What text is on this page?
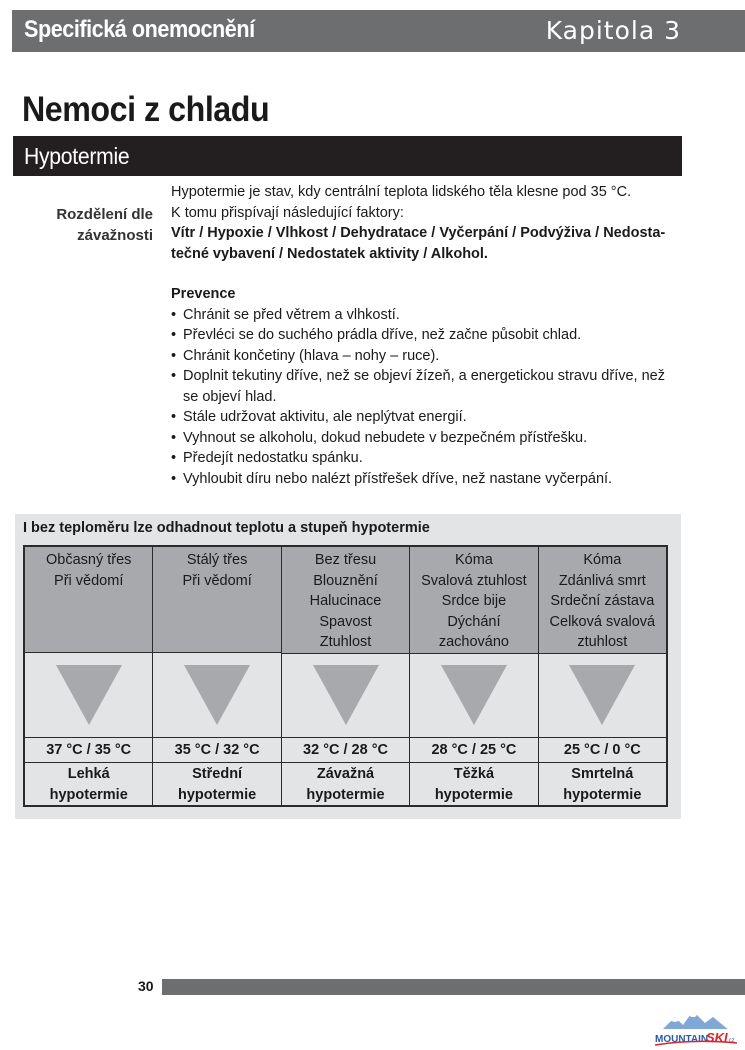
Specifická onemocnění	Kapitola 3
Nemoci z chladu
Hypotermie
Rozdělení dle
závažnosti

Hypotermie je stav, kdy centrální teplota lidského těla klesne pod 35 °C.

K tomu přispívají následující faktory:

Vítr / Hypoxie / Vlhkost / Dehydratace / Vyčerpání / Podvýživa / Nedosta-

tečné vybavení / Nedostatek aktivity / Alkohol.

Prevence

• Chránit se před větrem a vlhkostí.
• Převléci se do suchého prádla dříve, než začne působit chlad.
• Chránit končetiny (hlava – nohy – ruce).
• Doplnit tekutiny dříve, než se objeví žízeň, a energetickou stravu dříve, než
se objeví hlad.
• Stále udržovat aktivitu, ale neplýtvat energií.
• Vyhnout se alkoholu, dokud nebudete v bezpečném přístřešku.
• Předejít nedostatku spánku.
• Vyhloubit díru nebo nalézt přístřešek dříve, než nastane vyčerpání.
I bez teploměru lze odhadnout teplotu a stupeň hypotermie
Občasný třes
Při vědomí
37 °C / 35 °C
Lehká
hypotermie
Stálý třes
Při vědomí
35 °C / 32 °C
Střední
hypotermie
Bez třesu
Blouznění
Halucinace
Spavost
Ztuhlost
32 °C / 28 °C
Závažná
hypotermie
Kóma
Svalová ztuhlost
Srdce bije
Dýchání
zachováno
28 °C / 25 °C
Těžká
hypotermie
Kóma
Zdánlivá smrt
Srdeční zástava
Celková svalová
ztuhlost
25 °C / 0 °C
Smrtelná
hypotermie
30
MOUNTAIN
SKI .cz
